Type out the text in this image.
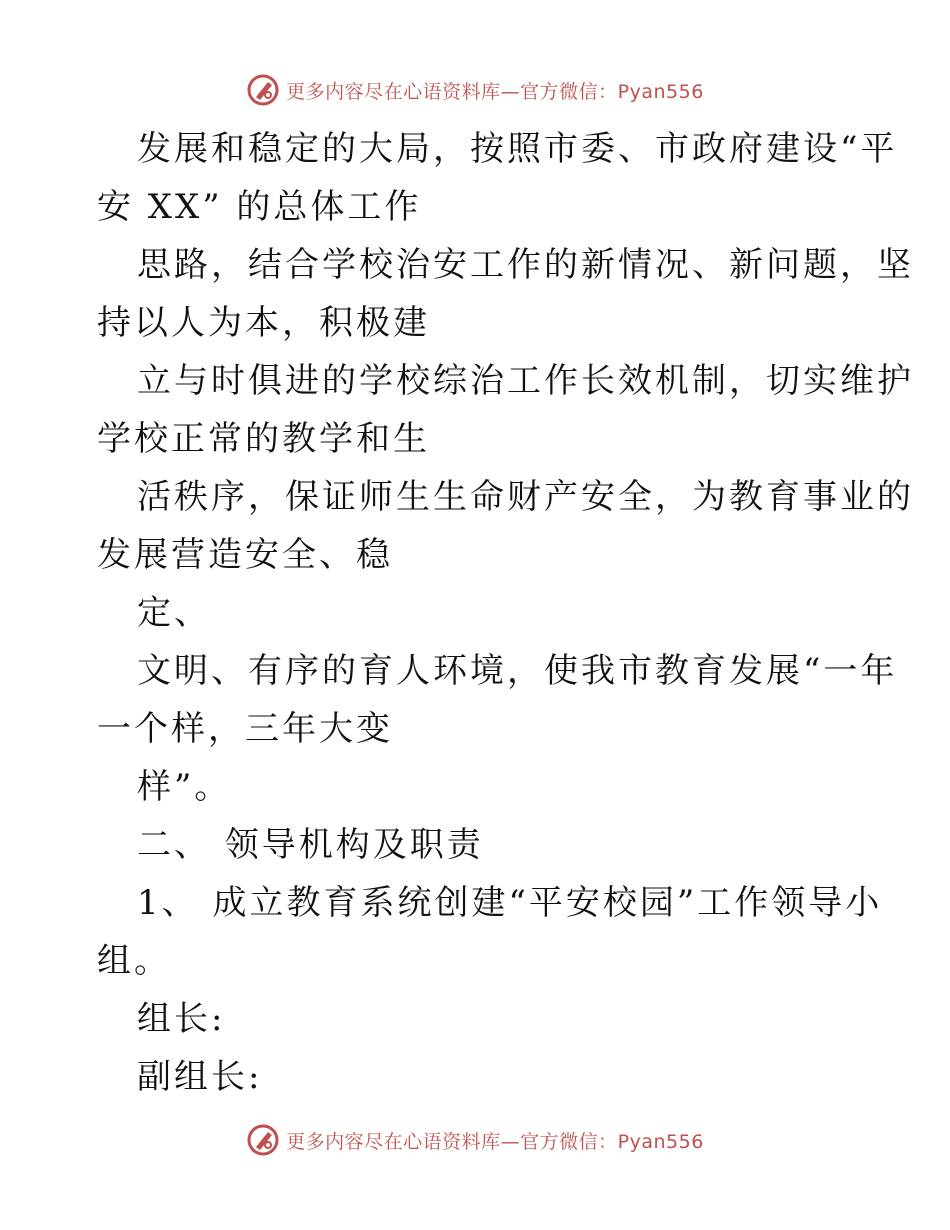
更多内容尽在心语资料库—官方微信：Pyan556
发展和稳定的大局，按照市委、市政府建设“平
安 XX” 的总体工作
思路，结合学校治安工作的新情况、新问题，坚
持以人为本，积极建
立与时俱进的学校综治工作长效机制，切实维护
学校正常的教学和生
活秩序，保证师生生命财产安全，为教育事业的
发展营造安全、稳
定、
文明、有序的育人环境，使我市教育发展“一年
一个样，三年大变
样”。
二、 领导机构及职责
1、 成立教育系统创建“平安校园”工作领导小
组。
组长:
副组长:
更多内容尽在心语资料库—官方微信：Pyan556
